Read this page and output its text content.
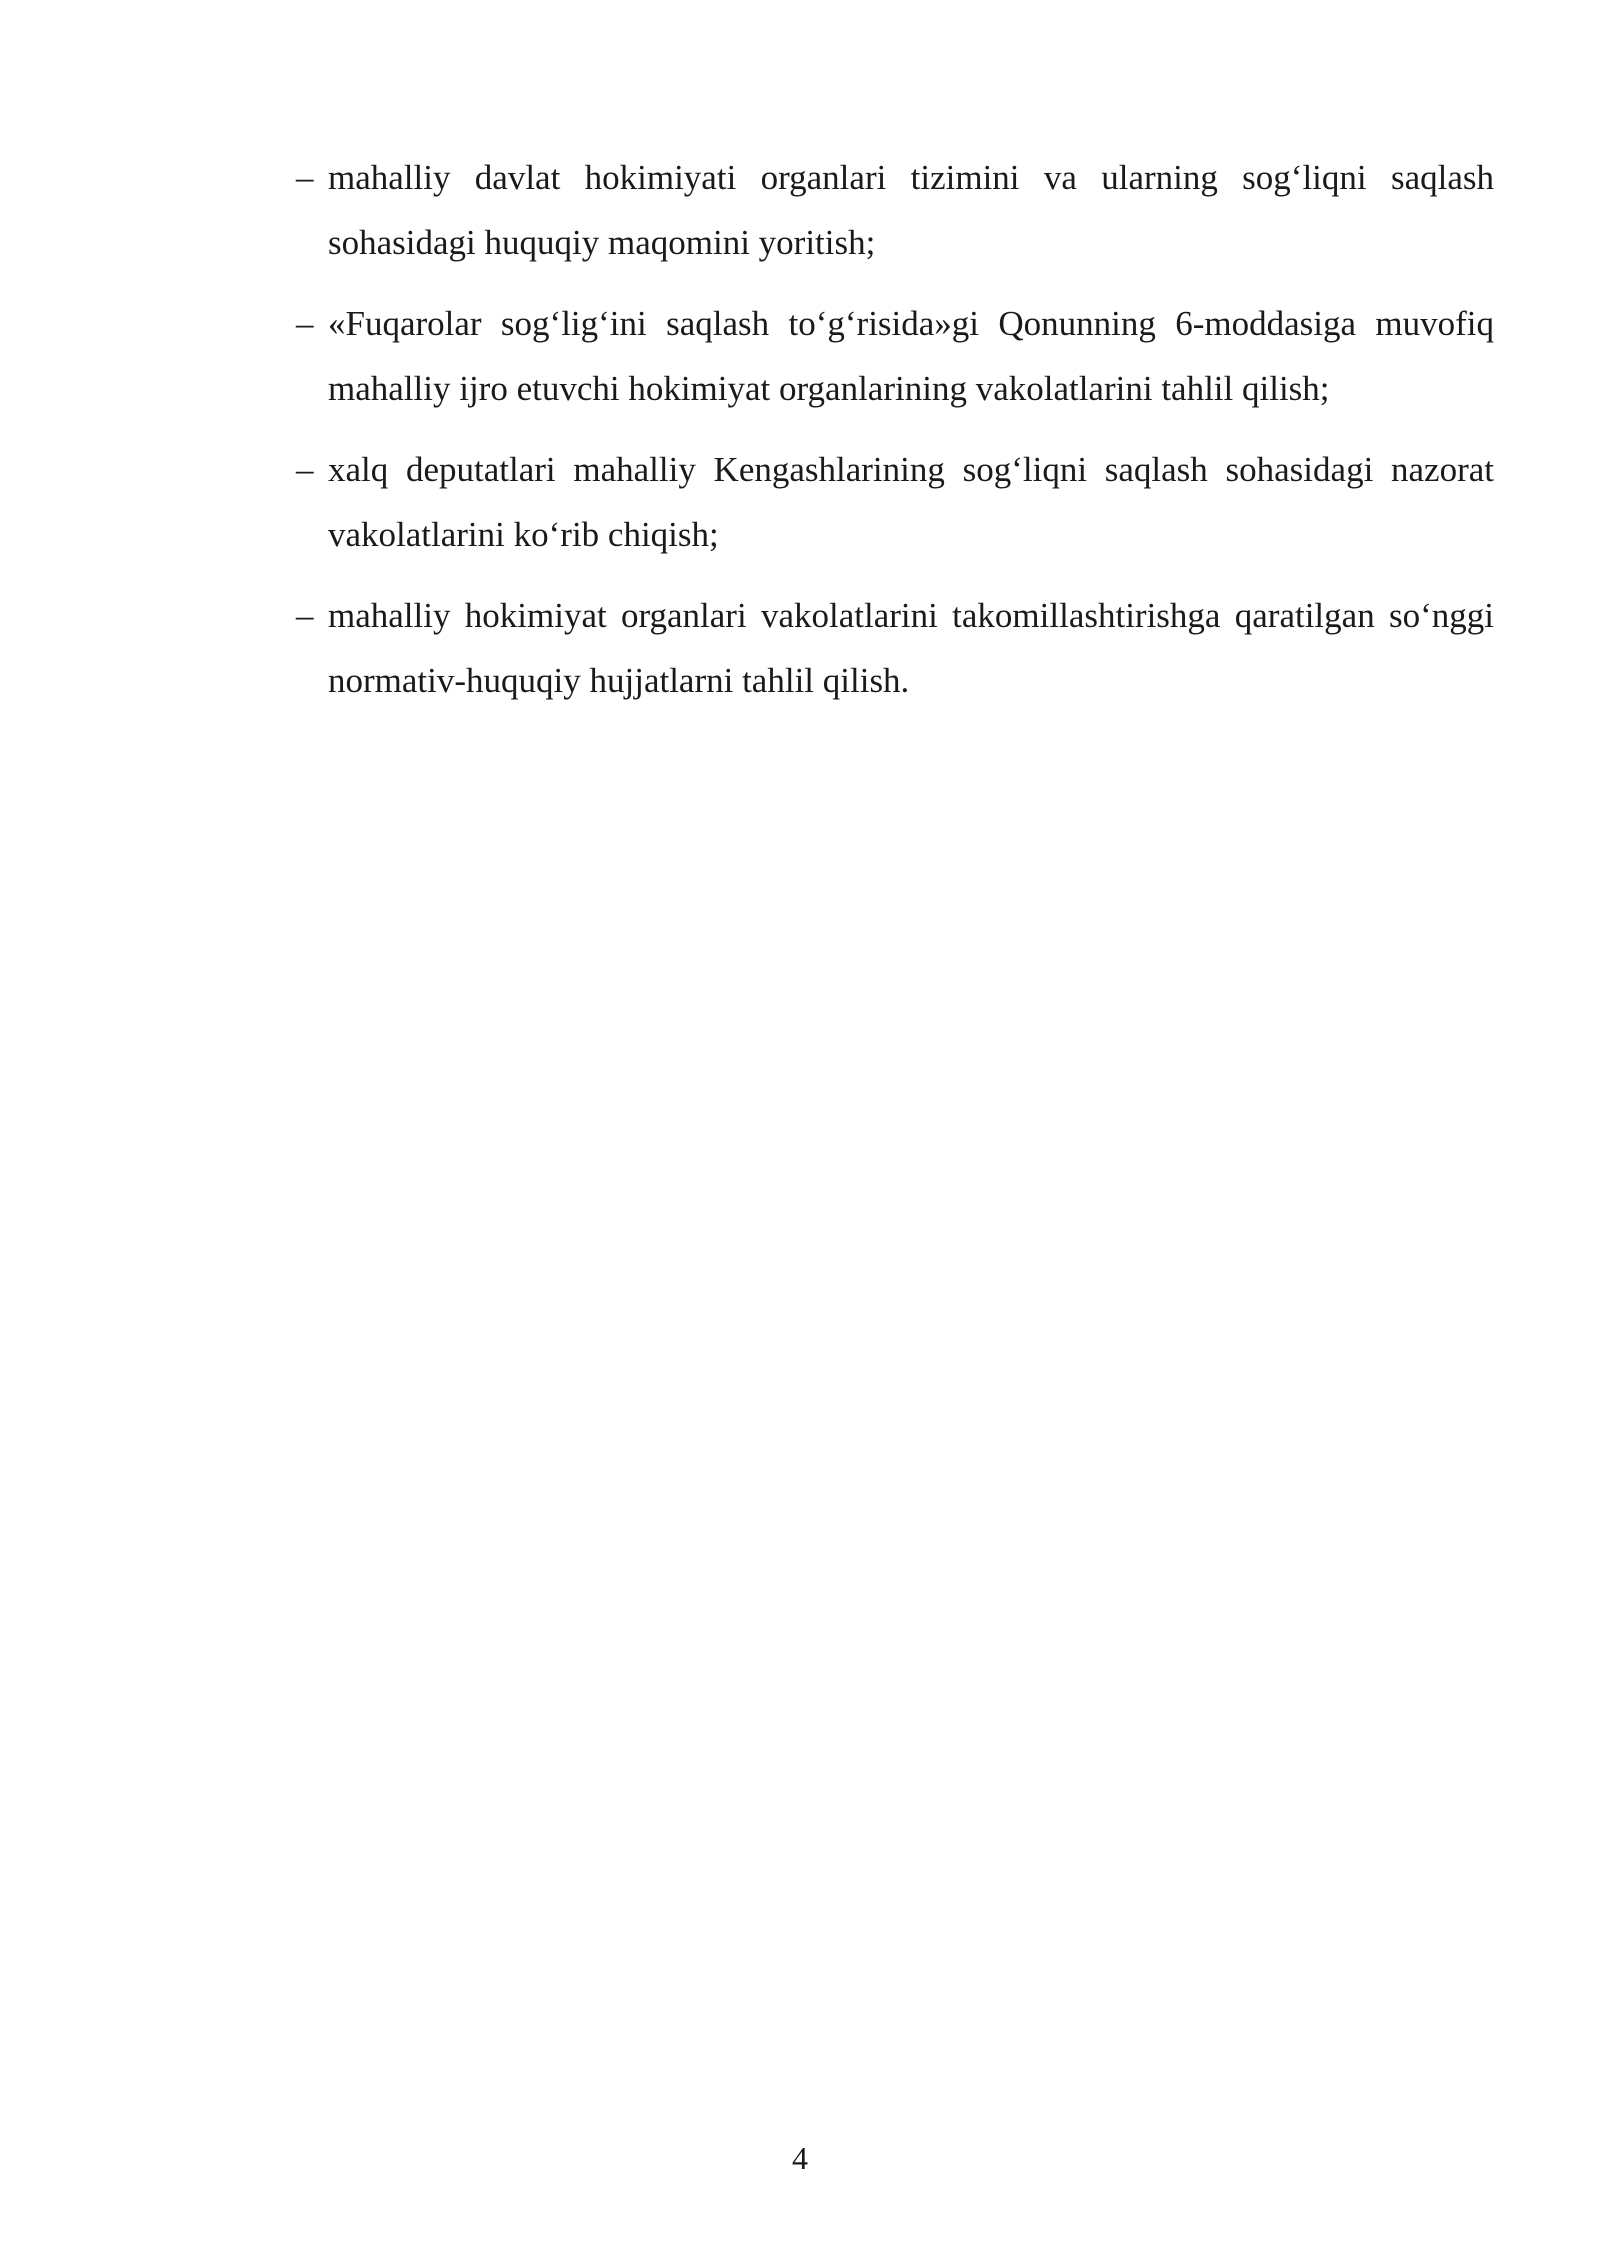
– mahalliy davlat hokimiyati organlari tizimini va ularning sog‘liqni saqlash sohasidagi huquqiy maqomini yoritish;
– «Fuqarolar sog‘lig‘ini saqlash to‘g‘risida»gi Qonunning 6-moddasiga muvofiq mahalliy ijro etuvchi hokimiyat organlarining vakolatlarini tahlil qilish;
– xalq deputatlari mahalliy Kengashlarining sog‘liqni saqlash sohasidagi nazorat vakolatlarini ko‘rib chiqish;
– mahalliy hokimiyat organlari vakolatlarini takomillashtirishga qaratilgan so‘nggi normativ-huquqiy hujjatlarni tahlil qilish.
4
